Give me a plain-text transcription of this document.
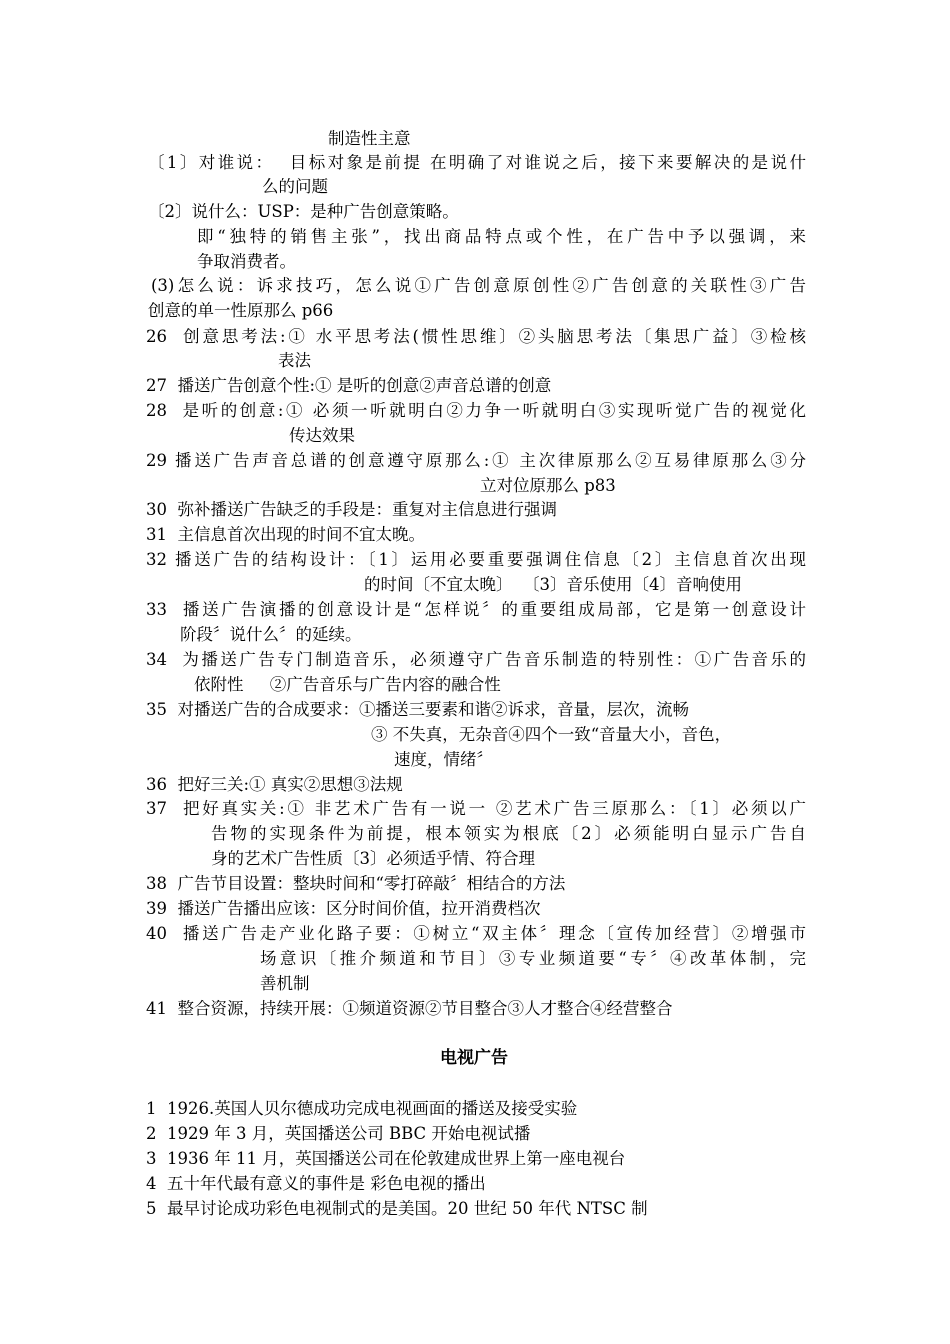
制造性主意
〔1〕对谁说：  目标对象是前提 在明确了对谁说之后，接下来要解决的是说什
么的问题
〔2〕说什么：USP：是种广告创意策略。
即“独特的销售主张”，找出商品特点或个性，在广告中予以强调，来
争取消费者。
(3)怎么说：诉求技巧，怎么说①广告创意原创性②广告创意的关联性③广告
创意的单一性原那么 p66
26  创意思考法:① 水平思考法(惯性思维〕②头脑思考法〔集思广益〕③检核
表法
27  播送广告创意个性:① 是听的创意②声音总谱的创意
28  是听的创意:① 必须一听就明白②力争一听就明白③实现听觉广告的视觉化
传达效果
29 播送广告声音总谱的创意遵守原那么:① 主次律原那么②互易律原那么③分
立对位原那么 p83
30  弥补播送广告缺乏的手段是：重复对主信息进行强调
31  主信息首次出现的时间不宜太晚。
32 播送广告的结构设计：〔1〕运用必要重要强调住信息〔2〕主信息首次出现
的时间〔不宜太晚〕  〔3〕音乐使用〔4〕音响使用
33  播送广告演播的创意设计是“怎样说〞的重要组成局部，它是第一创意设计
阶段〞说什么〞的延续。
34  为播送广告专门制造音乐，必须遵守广告音乐制造的特别性：①广告音乐的
依附性     ②广告音乐与广告内容的融合性
35  对播送广告的合成要求：①播送三要素和谐②诉求，音量，层次，流畅
③ 不失真，无杂音④四个一致“音量大小，音色，
速度，情绪〞
36  把好三关:① 真实②思想③法规
37  把好真实关:① 非艺术广告有一说一 ②艺术广告三原那么：〔1〕必须以广
告物的实现条件为前提，根本领实为根底〔2〕必须能明白显示广告自
身的艺术广告性质〔3〕必须适乎情、符合理
38  广告节目设置：整块时间和“零打碎敲〞相结合的方法
39  播送广告播出应该：区分时间价值，拉开消费档次
40  播送广告走产业化路子要：①树立“双主体〞理念〔宣传加经营〕②增强市
场意识〔推介频道和节目〕③专业频道要“专〞④改革体制，完
善机制
41  整合资源，持续开展：①频道资源②节目整合③人才整合④经营整合
电视广告
1  1926.英国人贝尔德成功完成电视画面的播送及接受实验
2  1929 年 3 月，英国播送公司 BBC 开始电视试播
3  1936 年 11 月，英国播送公司在伦敦建成世界上第一座电视台
4  五十年代最有意义的事件是 彩色电视的播出
5  最早讨论成功彩色电视制式的是美国。20 世纪 50 年代 NTSC 制
